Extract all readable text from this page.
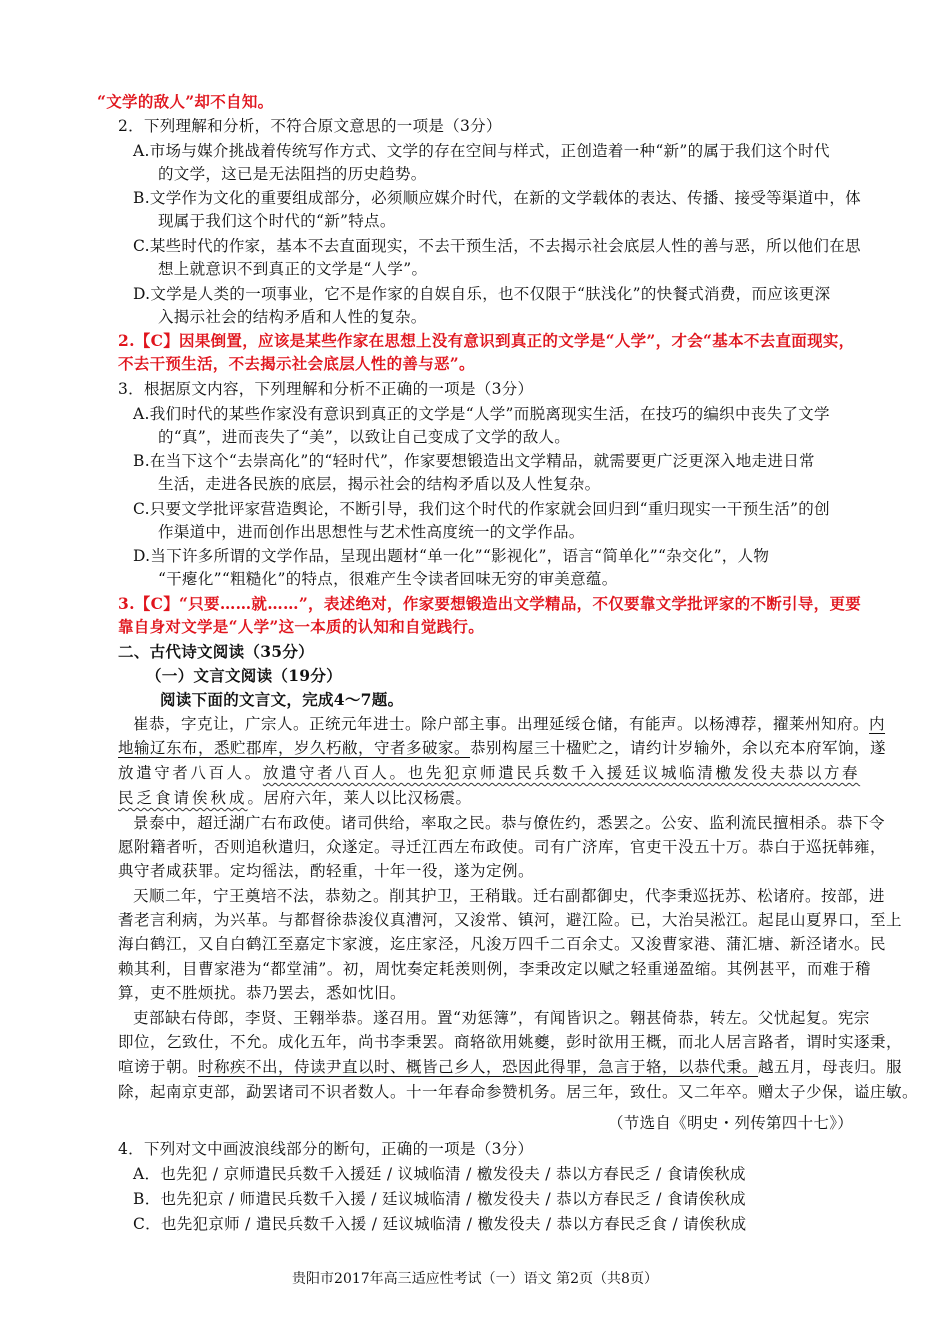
“文学的敌人”却不自知。
2．下列理解和分析，不符合原文意思的一项是（3分）
A.市场与媒介挑战着传统写作方式、文学的存在空间与样式，正创造着一种“新”的属于我们这个时代
的文学，这已是无法阻挡的历史趋势。
B.文学作为文化的重要组成部分，必须顺应媒介时代，在新的文学载体的表达、传播、接受等渠道中，体
现属于我们这个时代的“新”特点。
C.某些时代的作家，基本不去直面现实，不去干预生活，不去揭示社会底层人性的善与恶，所以他们在思
想上就意识不到真正的文学是“人学”。
D.文学是人类的一项事业，它不是作家的自娱自乐，也不仅限于“肤浅化”的快餐式消费，而应该更深
入揭示社会的结构矛盾和人性的复杂。
2.【C】因果倒置，应该是某些作家在思想上没有意识到真正的文学是“人学”，才会“基本不去直面现实，
不去干预生活，不去揭示社会底层人性的善与恶”。
3．根据原文内容，下列理解和分析不正确的一项是（3分）
A.我们时代的某些作家没有意识到真正的文学是“人学”而脱离现实生活，在技巧的编织中丧失了文学
的“真”，进而丧失了“美”，以致让自己变成了文学的敌人。
B.在当下这个“去崇高化”的“轻时代”，作家要想锻造出文学精品，就需要更广泛更深入地走进日常
生活，走进各民族的底层，揭示社会的结构矛盾以及人性复杂。
C.只要文学批评家营造舆论，不断引导，我们这个时代的作家就会回归到“重归现实一干预生活”的创
作渠道中，进而创作出思想性与艺术性高度统一的文学作品。
D.当下许多所谓的文学作品，呈现出题材“单一化”“影视化”，语言“简单化”“杂交化”，人物
“干瘪化”“粗糙化”的特点，很难产生令读者回味无穷的审美意蕴。
3.【C】“只要……就……”，表述绝对，作家要想锻造出文学精品，不仅要靠文学批评家的不断引导，更要
靠自身对文学是“人学”这一本质的认知和自觉践行。
二、古代诗文阅读（35分）
（一）文言文阅读（19分）
阅读下面的文言文，完成4～7题。
崔恭，字克让，广宗人。正统元年进士。除户部主事。出理延绥仓储，有能声。以杨溥荐，擢莱州知府。内
地输辽东布，悉贮郡库，岁久朽敝，守者多破家。恭别构屋三十楹贮之，请约计岁输外，余以充本府军饷，遂
放遣守者八百人。放遣守者八百人。也先犯京师遣民兵数千入援廷议城临清檄发役夫恭以方春
民乏食请俟秋成。居府六年，莱人以比汉杨震。
景泰中，超迁湖广右布政使。诸司供给，率取之民。恭与僚佐约，悉罢之。公安、监利流民擅相杀。恭下令
愿附籍者听，否则追秋遣归，众遂定。寻迁江西左布政使。司有广济库，官吏干没五十万。恭白于巡抚韩雍，
典守者咸获罪。定均徭法，酌轻重，十年一役，遂为定例。
天顺二年，宁王奠培不法，恭劾之。削其护卫，王稍戢。迁右副都御史，代李秉巡抚苏、松诸府。按部，进
耆老言利病，为兴革。与都督徐恭浚仪真漕河，又浚常、镇河，避江险。已，大治吴淞江。起昆山夏界口，至上
海白鹤江，又自白鹤江至嘉定卞家渡，迄庄家泾，凡浚万四千二百余丈。又浚曹家港、蒲汇塘、新泾诸水。民
赖其利，目曹家港为“都堂浦”。初，周忱奏定耗羡则例，李秉改定以赋之轻重递盈缩。其例甚平，而难于稽
算，吏不胜烦扰。恭乃罢去，悉如忱旧。
吏部缺右侍郎，李贤、王翱举恭。遂召用。置“劝惩簿”，有闻皆识之。翱甚倚恭，转左。父忧起复。宪宗
即位，乞致仕，不允。成化五年，尚书李秉罢。商辂欲用姚夔，彭时欲用王概，而北人居言路者，谓时实逐秉，
喧谤于朝。时称疾不出，侍读尹直以时、概皆己乡人，恐因此得罪，急言于辂，以恭代秉。越五月，母丧归。服
除，起南京吏部，勐罢诸司不识者数人。十一年春命参赞机务。居三年，致仕。又二年卒。赠太子少保，谥庄敏。
（节选自《明史・列传第四十七》）
4．下列对文中画波浪线部分的断句，正确的一项是（3分）
A．也先犯 / 京师遣民兵数千入援廷 / 议城临清 / 檄发役夫 / 恭以方春民乏 / 食请俟秋成
B．也先犯京 / 师遣民兵数千入援 / 廷议城临清 / 檄发役夫 / 恭以方春民乏 / 食请俟秋成
C．也先犯京师 / 遣民兵数千入援 / 廷议城临清 / 檄发役夫 / 恭以方春民乏食 / 请俟秋成
贵阳市2017年高三适应性考试（一）语文 第2页（共8页）
